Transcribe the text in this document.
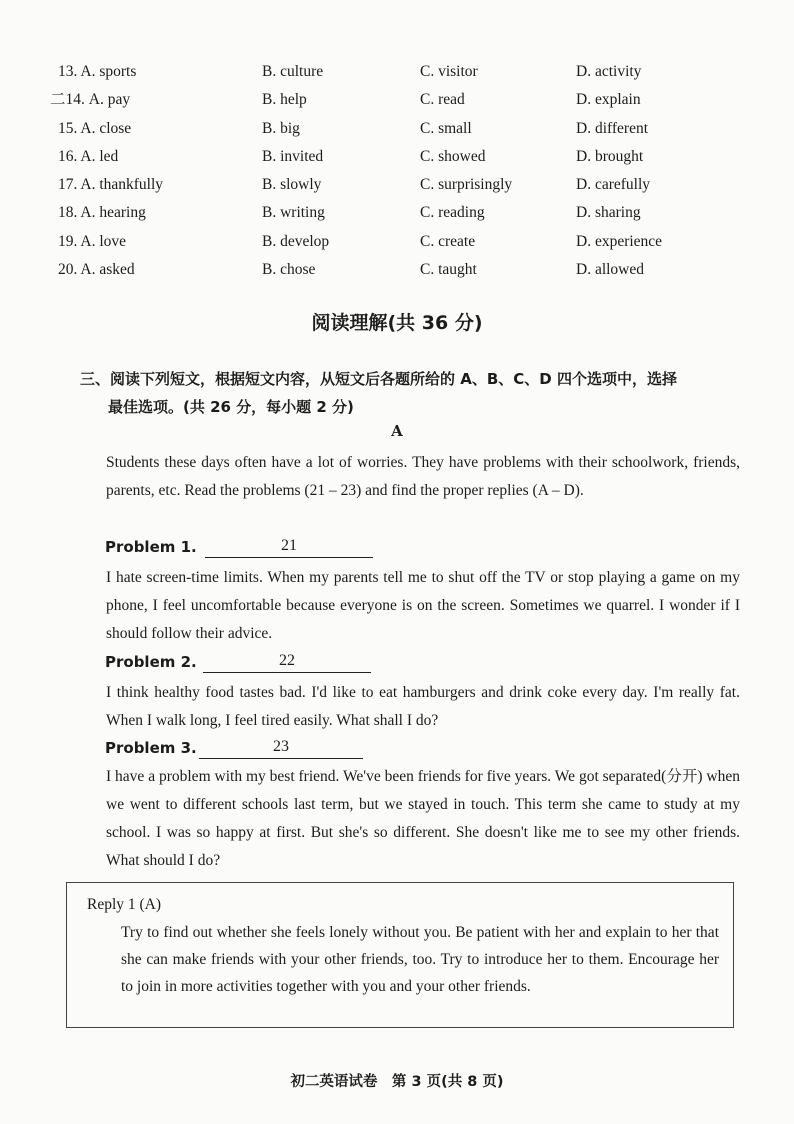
13. A. sports	B. culture	C. visitor	D. activity
二14. A. pay	B. help	C. read	D. explain
15. A. close	B. big	C. small	D. different
16. A. led	B. invited	C. showed	D. brought
17. A. thankfully	B. slowly	C. surprisingly	D. carefully
18. A. hearing	B. writing	C. reading	D. sharing
19. A. love	B. develop	C. create	D. experience
20. A. asked	B. chose	C. taught	D. allowed
阅读理解(共 36 分)
三、阅读下列短文，根据短文内容，从短文后各题所给的 A、B、C、D 四个选项中，选择
最佳选项。(共 26 分，每小题 2 分)
A
Students these days often have a lot of worries. They have problems with their schoolwork, friends, parents, etc. Read the problems (21 – 23) and find the proper replies (A – D).
Problem 1.	21
I hate screen-time limits. When my parents tell me to shut off the TV or stop playing a game on my phone, I feel uncomfortable because everyone is on the screen. Sometimes we quarrel. I wonder if I should follow their advice.
Problem 2.	22
I think healthy food tastes bad. I'd like to eat hamburgers and drink coke every day. I'm really fat. When I walk long, I feel tired easily. What shall I do?
Problem 3.	23
I have a problem with my best friend. We've been friends for five years. We got separated(分开) when we went to different schools last term, but we stayed in touch. This term she came to study at my school. I was so happy at first. But she's so different. She doesn't like me to see my other friends. What should I do?
Reply 1 (A)
Try to find out whether she feels lonely without you. Be patient with her and explain to her that she can make friends with your other friends, too. Try to introduce her to them. Encourage her to join in more activities together with you and your other friends.
初二英语试卷　第 3 页(共 8 页)
